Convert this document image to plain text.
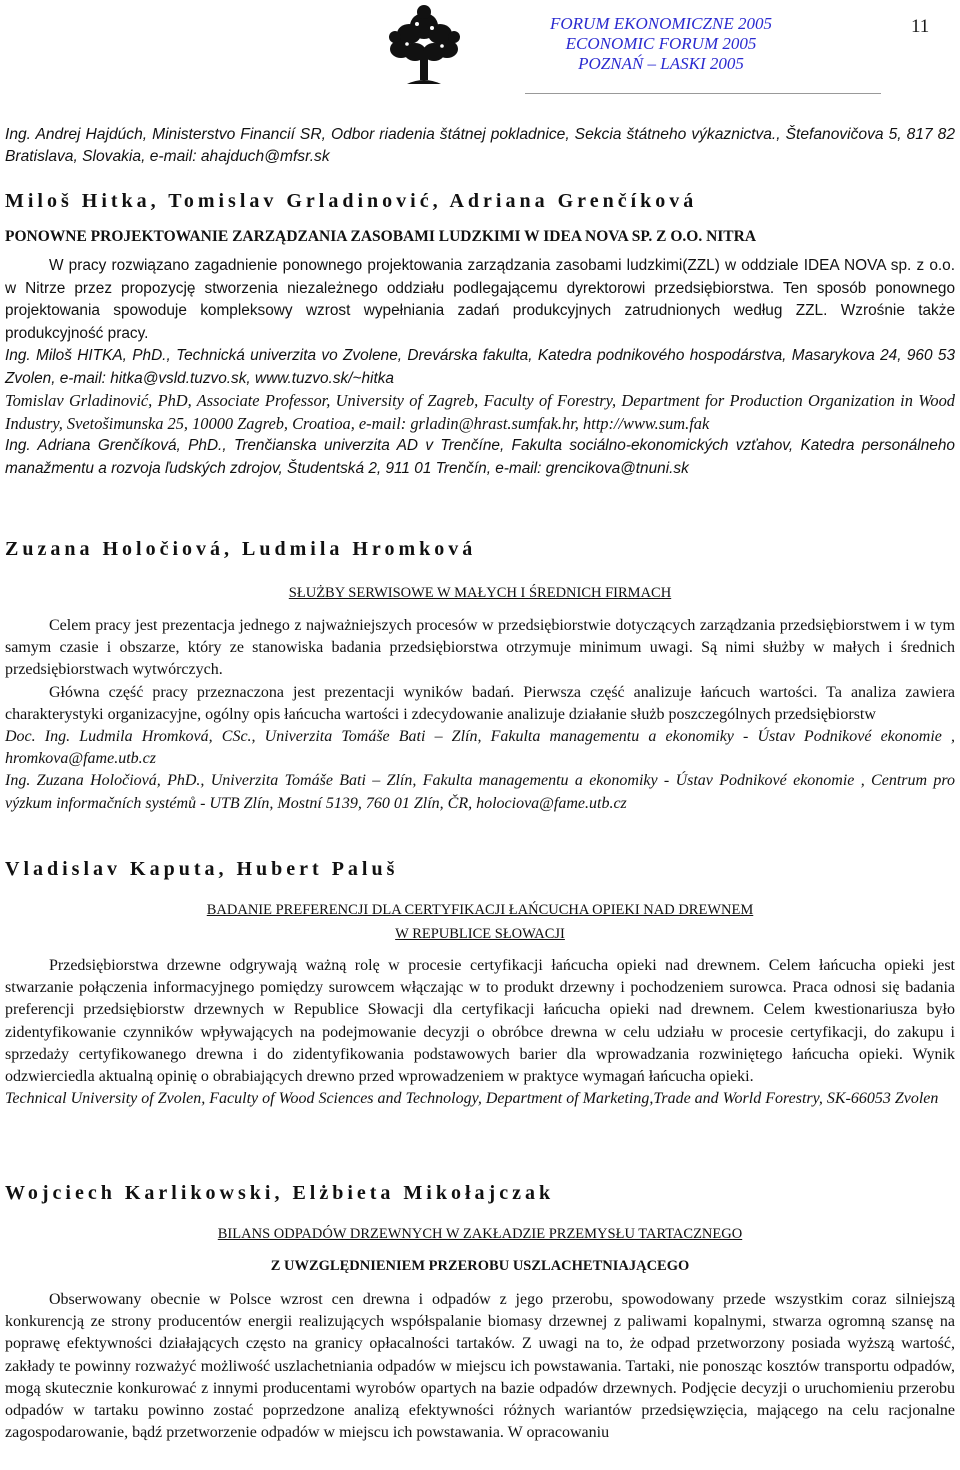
FORUM EKONOMICZNE 2005
ECONOMIC FORUM 2005
POZNAŃ – LASKI 2005
11

Ing. Andrej Hajdúch, Ministerstvo Financií SR, Odbor riadenia štátnej pokladnice, Sekcia štátneho výkaznictva., Štefanovičova 5, 817 82 Bratislava, Slovakia, e-mail: ahajduch@mfsr.sk

Miloš Hitka, Tomislav Grladinović, Adriana Grenčíková
PONOWNE PROJEKTOWANIE ZARZĄDZANIA ZASOBAMI LUDZKIMI W IDEA NOVA SP. Z O.O. NITRA

W pracy rozwiązano zagadnienie ponownego projektowania zarządzania zasobami ludzkimi(ZZL) w oddziale IDEA NOVA sp. z o.o. w Nitrze przez propozycję stworzenia niezależnego oddziału podlegającemu dyrektorowi przedsiębiorstwa. Ten sposób ponownego projektowania spowoduje kompleksowy wzrost wypełniania zadań produkcyjnych zatrudnionych według ZZL. Wzrośnie także produkcyjność pracy.

Ing. Miloš HITKA, PhD., Technická univerzita vo Zvolene, Drevárska fakulta, Katedra podnikového hospodárstva, Masarykova 24, 960 53 Zvolen, e-mail: hitka@vsld.tuzvo.sk, www.tuzvo.sk/~hitka

Tomislav Grladinović, PhD, Associate Professor, University of Zagreb, Faculty of Forestry, Department for Production Organization in Wood Industry, Svetošimunska 25, 10000 Zagreb, Croatioa, e-mail: grladin@hrast.sumfak.hr, http://www.sum.fak

Ing. Adriana Grenčíková, PhD., Trenčianska univerzita AD v Trenčíne, Fakulta sociálno-ekonomických vzťahov, Katedra personálneho manažmentu a rozvoja ľudských zdrojov, Študentská 2, 911 01 Trenčín, e-mail: grencikova@tnuni.sk

Zuzana Holočiová, Ludmila Hromková
SŁUŻBY SERWISOWE W MAŁYCH I ŚREDNICH FIRMACH

Celem pracy jest prezentacja jednego z najważniejszych procesów w przedsiębiorstwie dotyczących zarządzania przedsiębiorstwem i w tym samym czasie i obszarze, który ze stanowiska badania przedsiębiorstwa otrzymuje minimum uwagi. Są nimi służby w małych i średnich przedsiębiorstwach wytwórczych.

Główna część pracy przeznaczona jest prezentacji wyników badań. Pierwsza część analizuje łańcuch wartości. Ta analiza zawiera charakterystyki organizacyjne, ogólny opis łańcucha wartości i zdecydowanie analizuje działanie służb poszczególnych przedsiębiorstw

Doc. Ing. Ludmila Hromková, CSc., Univerzita Tomáše Bati – Zlín, Fakulta managementu a ekonomiky - Ústav Podnikové ekonomie , hromkova@fame.utb.cz

Ing. Zuzana Holočiová, PhD., Univerzita Tomáše Bati – Zlín, Fakulta managementu a ekonomiky - Ústav Podnikové ekonomie , Centrum pro výzkum informačních systémů - UTB Zlín, Mostní 5139, 760 01 Zlín, ČR, holociova@fame.utb.cz

Vladislav Kaputa, Hubert Paluš
BADANIE PREFERENCJI DLA CERTYFIKACJI ŁAŃCUCHA OPIEKI NAD DREWNEM
W REPUBLICE SŁOWACJI

Przedsiębiorstwa drzewne odgrywają ważną rolę w procesie certyfikacji łańcucha opieki nad drewnem. Celem łańcucha opieki jest stwarzanie połączenia informacyjnego pomiędzy surowcem włączając w to produkt drzewny i pochodzeniem surowca. Praca odnosi się badania preferencji przedsiębiorstw drzewnych w Republice Słowacji dla certyfikacji łańcucha opieki nad drewnem. Celem kwestionariusza było zidentyfikowanie czynników wpływających na podejmowanie decyzji o obróbce drewna w celu udziału w procesie certyfikacji, do zakupu i sprzedaży certyfikowanego drewna i do zidentyfikowania podstawowych barier dla wprowadzania rozwiniętego łańcucha opieki. Wynik odzwierciedla aktualną opinię o obrabiających drewno przed wprowadzeniem w praktyce wymagań łańcucha opieki.

Technical University of Zvolen, Faculty of Wood Sciences and Technology, Department of Marketing,Trade and World Forestry, SK-66053 Zvolen

Wojciech Karlikowski, Elżbieta Mikołajczak
BILANS ODPADÓW DRZEWNYCH W ZAKŁADZIE PRZEMYSŁU TARTACZNEGO
Z UWZGLĘDNIENIEM PRZEROBU USZLACHETNIAJĄCEGO

Obserwowany obecnie w Polsce wzrost cen drewna i odpadów z jego przerobu, spowodowany przede wszystkim coraz silniejszą konkurencją ze strony producentów energii realizujących współspalanie biomasy drzewnej z paliwami kopalnymi, stwarza ogromną szansę na poprawę efektywności działających często na granicy opłacalności tartaków. Z uwagi na to, że odpad przetworzony posiada wyższą wartość, zakłady te powinny rozważyć możliwość uszlachetniania odpadów w miejscu ich powstawania. Tartaki, nie ponosząc kosztów transportu odpadów, mogą skutecznie konkurować z innymi producentami wyrobów opartych na bazie odpadów drzewnych. Podjęcie decyzji o uruchomieniu przerobu odpadów w tartaku powinno zostać poprzedzone analizą efektywności różnych wariantów przedsięwzięcia, mającego na celu racjonalne zagospodarowanie, bądź przetworzenie odpadów w miejscu ich powstawania. W opracowaniu
